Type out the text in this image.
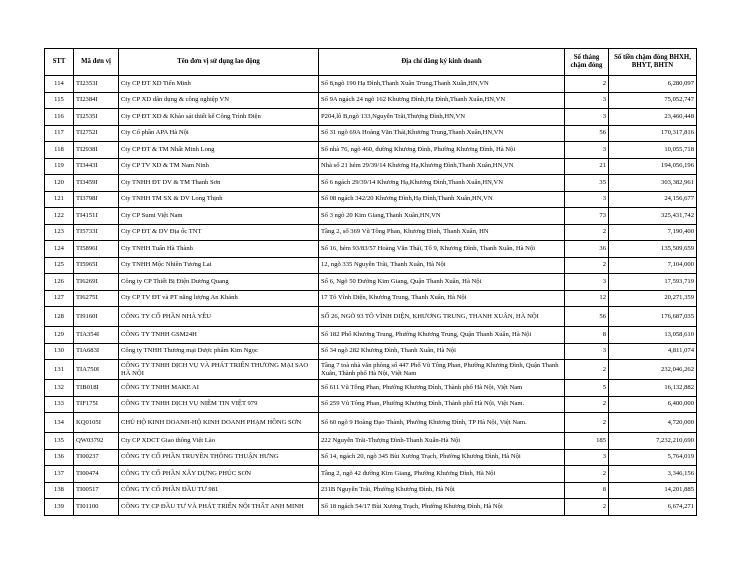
STT	Mã đơn vị	Tên đơn vị sử dụng lao động	Địa chỉ đăng ký kinh doanh	Số tháng chậm đóng	Số tiền chậm đóng BHXH, BHYT, BHTN
114	TI2353I	Cty CP ĐT XD Tiến Minh	Số 8,ngõ 190 Hạ Đình,Thanh Xuân Trung,Thanh Xuân,HN,VN	2	6,280,097
115	TI2384I	Cty CP XD dân dụng & công nghiệp VN	Số 9A ngách 24 ngõ 162 Khương Đình,Hạ Đình,Thanh Xuân,HN,VN	3	75,052,747
116	TI2535I	Cty CP ĐT XD & Khảo sát thiết kế Công Trình Điện	P204,lô B,ngõ 133,Nguyễn Trãi,Thượng Đình,HN,VN	3	23,460,448
117	TI2752I	Cty Cổ phần APA Hà Nội	Số 31 ngõ 69A Hoàng Văn Thái,Khương Trung,Thanh Xuân,HN,VN	56	170,317,816
118	TI2938I	Cty CP ĐT & TM Nhất Minh Long	Số nhà 76, ngõ 460, đường Khương Đình, Phường Khương Đình, Hà Nội	3	10,055,718
119	TI3443I	Cty CP TV XD & TM Nam Ninh	Nhà số 21 hẻm 29/39/14 Khương Hạ,Khương Đình,Thanh Xuân,HN,VN	21	194,056,196
120	TI3459I	Cty TNHH ĐT DV & TM Thanh Sơn	Số 6 ngách 29/39/14 Khương Hạ,Khương Đình,Thanh Xuân,HN,VN	35	303,382,961
121	TI3798I	Cty TNHH TM SX & DV Long Thịnh	Số 08 ngách 342/20 Khương Đình,Hạ Đình,Thanh Xuân,HN,VN	3	24,156,677
122	TI4151I	Cty CP Sumi Việt Nam	Số 3 ngõ 20 Kim Giang,Thanh Xuân,HN,VN	73	325,431,742
123	TI5733I	Cty CP ĐT & DV Địa ốc TNT	Tầng 2, số 369 Vũ Tông Phan, Khương Đình, Thanh Xuân, HN	2	7,190,400
124	TI5896I	Cty TNHH Tuấn Hà Thành	Số 16, hẻm 93/83/57 Hoàng Văn Thái, Tổ 9, Khương Đình, Thanh Xuân, Hà Nội	36	135,509,659
125	TI5965I	Cty TNHH Mộc Nhiên Tương Lai	12, ngõ 335 Nguyễn Trãi, Thanh Xuân, Hà Nội	2	7,104,000
126	TI6269I	Công ty CP Thiết Bị Điện Dương Quang	Số 6, Ngõ 50 Đường Kim Giang, Quận Thanh Xuân, Hà Nội	3	17,593,719
127	TI6275I	Cty CP TV ĐT và PT năng lượng An Khánh	17 Tô Vĩnh Diện, Khương Trung, Thanh Xuân, Hà Nội	12	20,271,359
128	TI9160I	CÔNG TY CỔ PHẦN NHÀ YÊU	SỐ 26, NGÕ 93 TÔ VĨNH DIỆN, KHƯƠNG TRUNG, THANH XUÂN, HÀ NỘI	56	176,687,035
129	TIA354I	CÔNG TY TNHH GSM24H	Số 182 Phố Khương Trung, Phường Khương Trung, Quận Thanh Xuân, Hà Nội	8	13,058,610
130	TIA683I	Công ty TNHH Thương mại Dược phẩm Kim Ngọc	Số 34 ngõ 282 Khương Đình, Thanh Xuân, Hà Nội	3	4,811,074
131	TIA750I	CÔNG TY TNHH DỊCH VỤ VÀ PHÁT TRIỂN THƯƠNG MẠI SAO HÀ NỘI	Tầng 7 toà nhà văn phòng số 447 Phố Vũ Tông Phan, Phường Khương Đình, Quận Thanh Xuân, Thành phố Hà Nội, Việt Nam	2	232,046,262
132	TIB018I	CÔNG TY TNHH MAKE AI	Số 611 Vũ Tông Phan, Phường Khương Đình, Thành phố Hà Nội, Việt Nam	5	16,132,882
133	TIF175I	CÔNG TY TNHH DỊCH VỤ NIÊM TIN VIỆT 979	Số 259 Vũ Tông Phan, Phường Khương Đình, Thành phố Hà Nội, Việt Nam.	2	6,400,000
134	KQ0105I	CHỦ HỘ KINH DOANH-HỘ KINH DOANH PHẠM HỒNG SƠN	Số 60 ngõ 9 Hoàng Đạo Thành, Phường Khương Đình, TP Hà Nội, Việt Nam.	2	4,720,000
135	QW03792	Cty CP XDCT Giao thông Việt Lào	222 Nguyễn Trãi-Thượng Đình-Thanh Xuân-Hà Nội	185	7,232,210,690
136	TI00237	CÔNG TY CỔ PHẦN TRUYỀN THÔNG THUẬN HƯNG	Số 14, ngách 20, ngõ 345 Bùi Xương Trạch, Phường Khương Đình, Hà Nội	3	5,764,019
137	TI00474	CÔNG TY CỔ PHẦN XÂY DỰNG PHÚC SƠN	Tầng 2, ngõ 42 đường Kim Giang, Phường Khương Đình, Hà Nội	2	3,346,156
138	TI00517	CÔNG TY CỔ PHẦN ĐẦU TƯ 981	231B Nguyễn Trãi, Phường Khương Đình, Hà Nội	8	14,201,885
139	TI01100	CÔNG TY CP ĐẦU TƯ VÀ PHÁT TRIỂN NỘI THẤT ANH MINH	Số 18 ngách 54/17 Bùi Xương Trạch, Phường Khương Đình, Hà Nội	2	6,674,271
